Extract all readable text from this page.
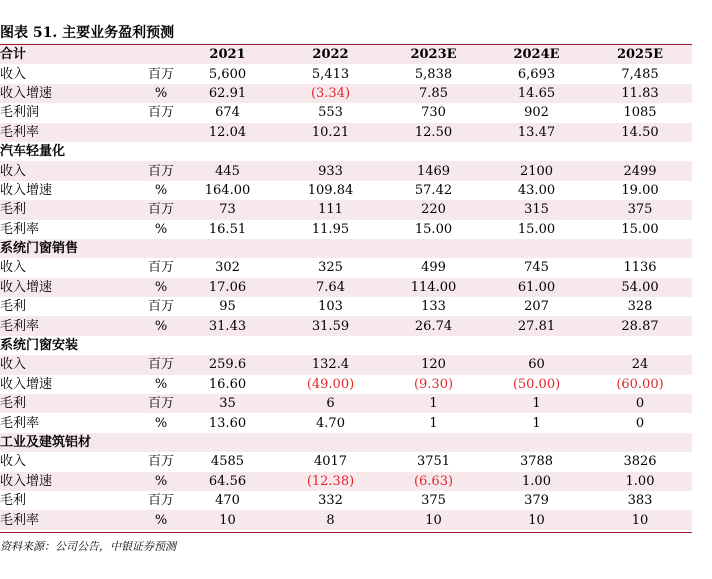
图表 51. 主要业务盈利预测
合计		2021	2022	2023E	2024E	2025E
收入	百万	5,600	5,413	5,838	6,693	7,485
收入增速	%	62.91	(3.34)	7.85	14.65	11.83
毛利润	百万	674	553	730	902	1085
毛利率		12.04	10.21	12.50	13.47	14.50
汽车轻量化						
收入	百万	445	933	1469	2100	2499
收入增速	%	164.00	109.84	57.42	43.00	19.00
毛利	百万	73	111	220	315	375
毛利率	%	16.51	11.95	15.00	15.00	15.00
系统门窗销售						
收入	百万	302	325	499	745	1136
收入增速	%	17.06	7.64	114.00	61.00	54.00
毛利	百万	95	103	133	207	328
毛利率	%	31.43	31.59	26.74	27.81	28.87
系统门窗安装						
收入	百万	259.6	132.4	120	60	24
收入增速	%	16.60	(49.00)	(9.30)	(50.00)	(60.00)
毛利	百万	35	6	1	1	0
毛利率	%	13.60	4.70	1	1	0
工业及建筑铝材						
收入	百万	4585	4017	3751	3788	3826
收入增速	%	64.56	(12.38)	(6.63)	1.00	1.00
毛利	百万	470	332	375	379	383
毛利率	%	10	8	10	10	10
资料来源：公司公告，中银证券预测
